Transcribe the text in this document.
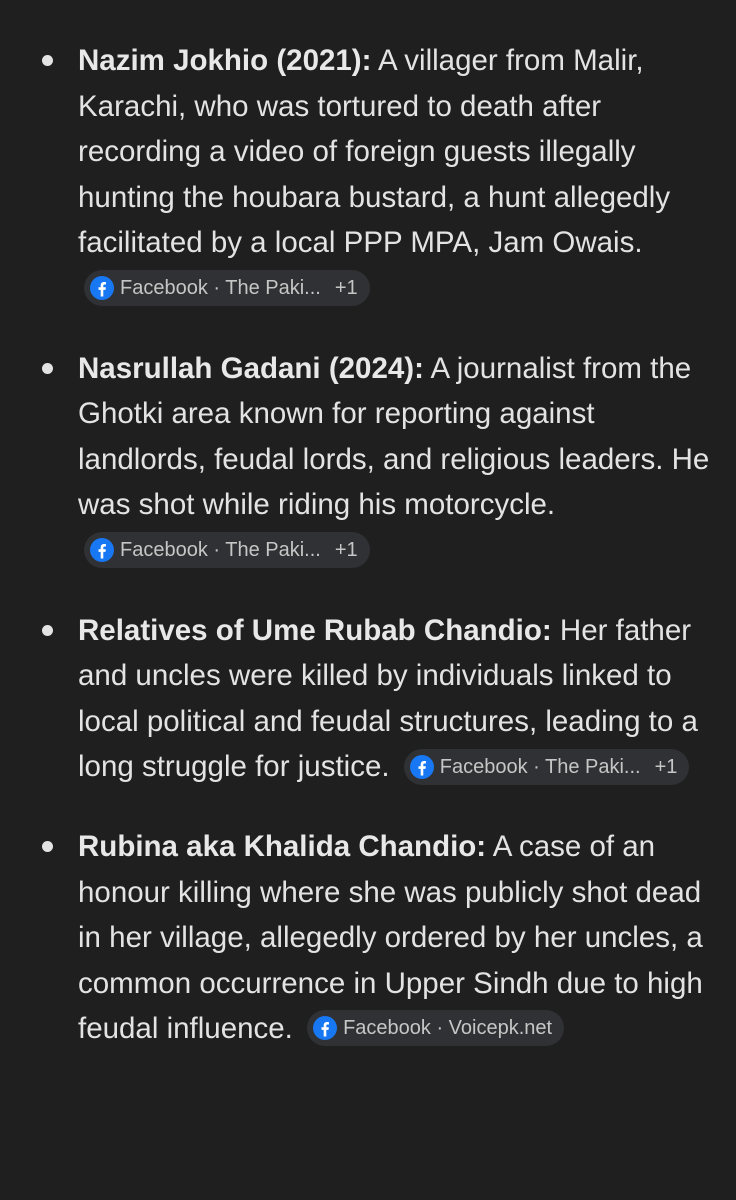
Nazim Jokhio (2021): A villager from Malir, Karachi, who was tortured to death after recording a video of foreign guests illegally hunting the houbara bustard, a hunt allegedly facilitated by a local PPP MPA, Jam Owais.
Facebook · The Paki... +1
Nasrullah Gadani (2024): A journalist from the Ghotki area known for reporting against landlords, feudal lords, and religious leaders. He was shot while riding his motorcycle.
Facebook · The Paki... +1
Relatives of Ume Rubab Chandio: Her father and uncles were killed by individuals linked to local political and feudal structures, leading to a long struggle for justice.	Facebook · The Paki... +1
Rubina aka Khalida Chandio: A case of an honour killing where she was publicly shot dead in her village, allegedly ordered by her uncles, a common occurrence in Upper Sindh due to high feudal influence.	Facebook · Voicepk.net
